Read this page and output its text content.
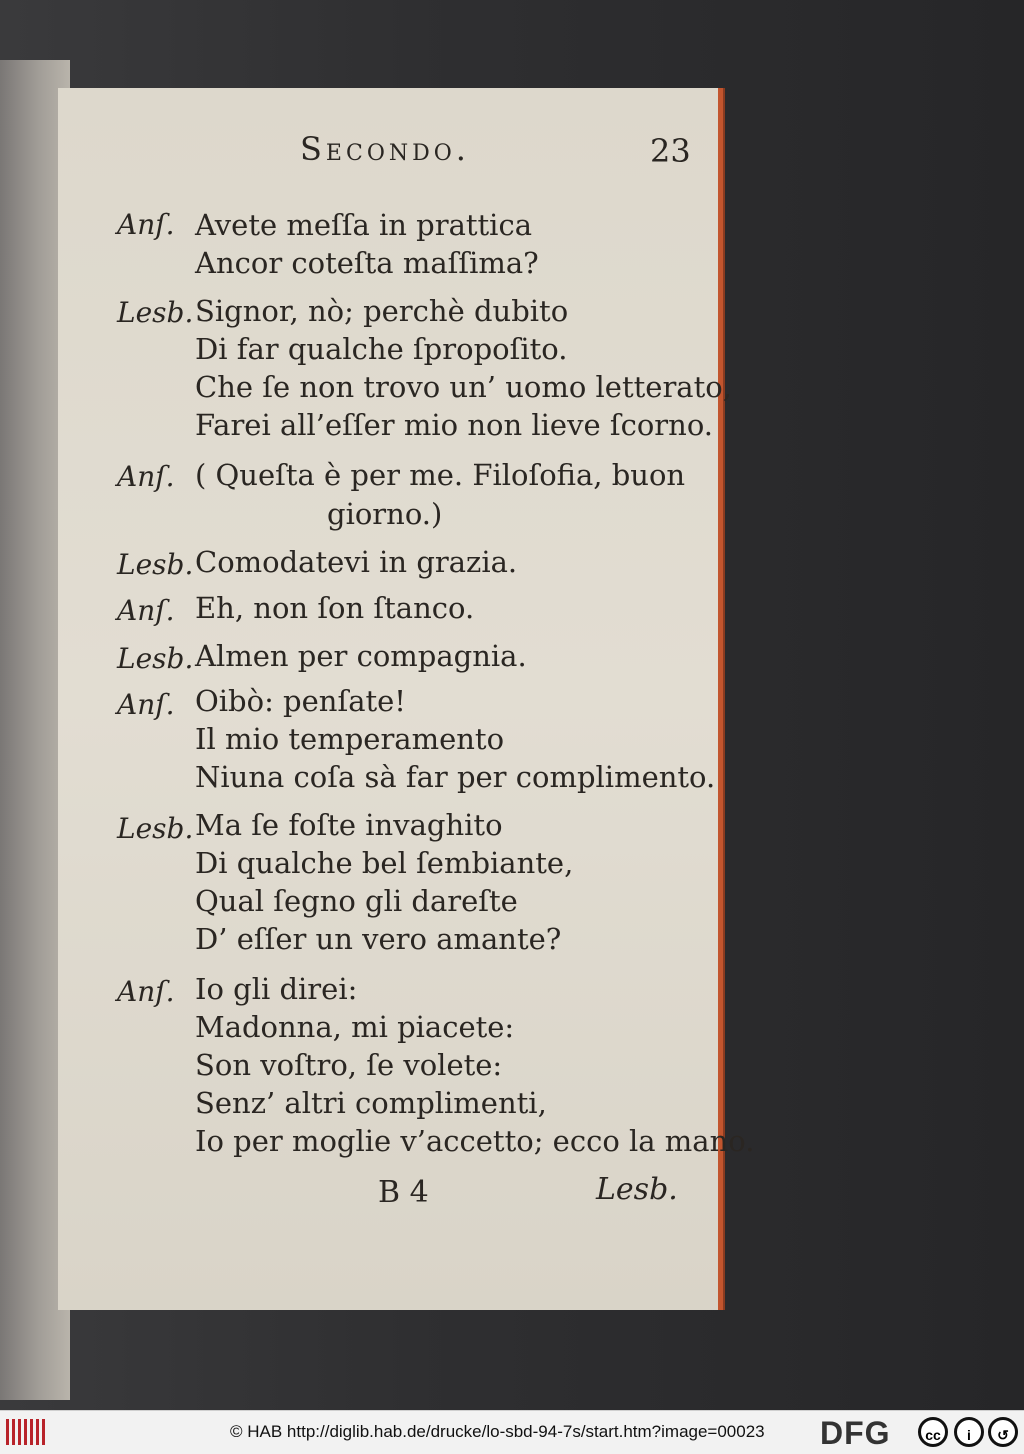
Secondo.	23
Anſ. Avete meſſa in prattica
Ancor coteſta maſſima?
Lesb. Signor, nò; perchè dubito
Di far qualche ſpropoſito.
Che ſe non trovo un’ uomo letterato,
Farei all’eſſer mio non lieve ſcorno.
Anſ. ( Queſta è per me. Filoſofia, buon
giorno.)
Lesb. Comodatevi in grazia.
Anſ. Eh, non ſon ſtanco.
Lesb. Almen per compagnia.
Anſ. Oibò: penſate!
Il mio temperamento
Niuna coſa sà far per complimento.
Lesb. Ma ſe foſte invaghito
Di qualche bel ſembiante,
Qual ſegno gli dareſte
D’ eſſer un vero amante?
Anſ. Io gli direi:
Madonna, mi piacete:
Son voſtro, ſe volete:
Senz’ altri complimenti,
Io per moglie v’accetto; ecco la mano.
B 4	Lesb.
© HAB http://diglib.hab.de/drucke/lo-sbd-94-7s/start.htm?image=00023 DFG	cc	i	↺
